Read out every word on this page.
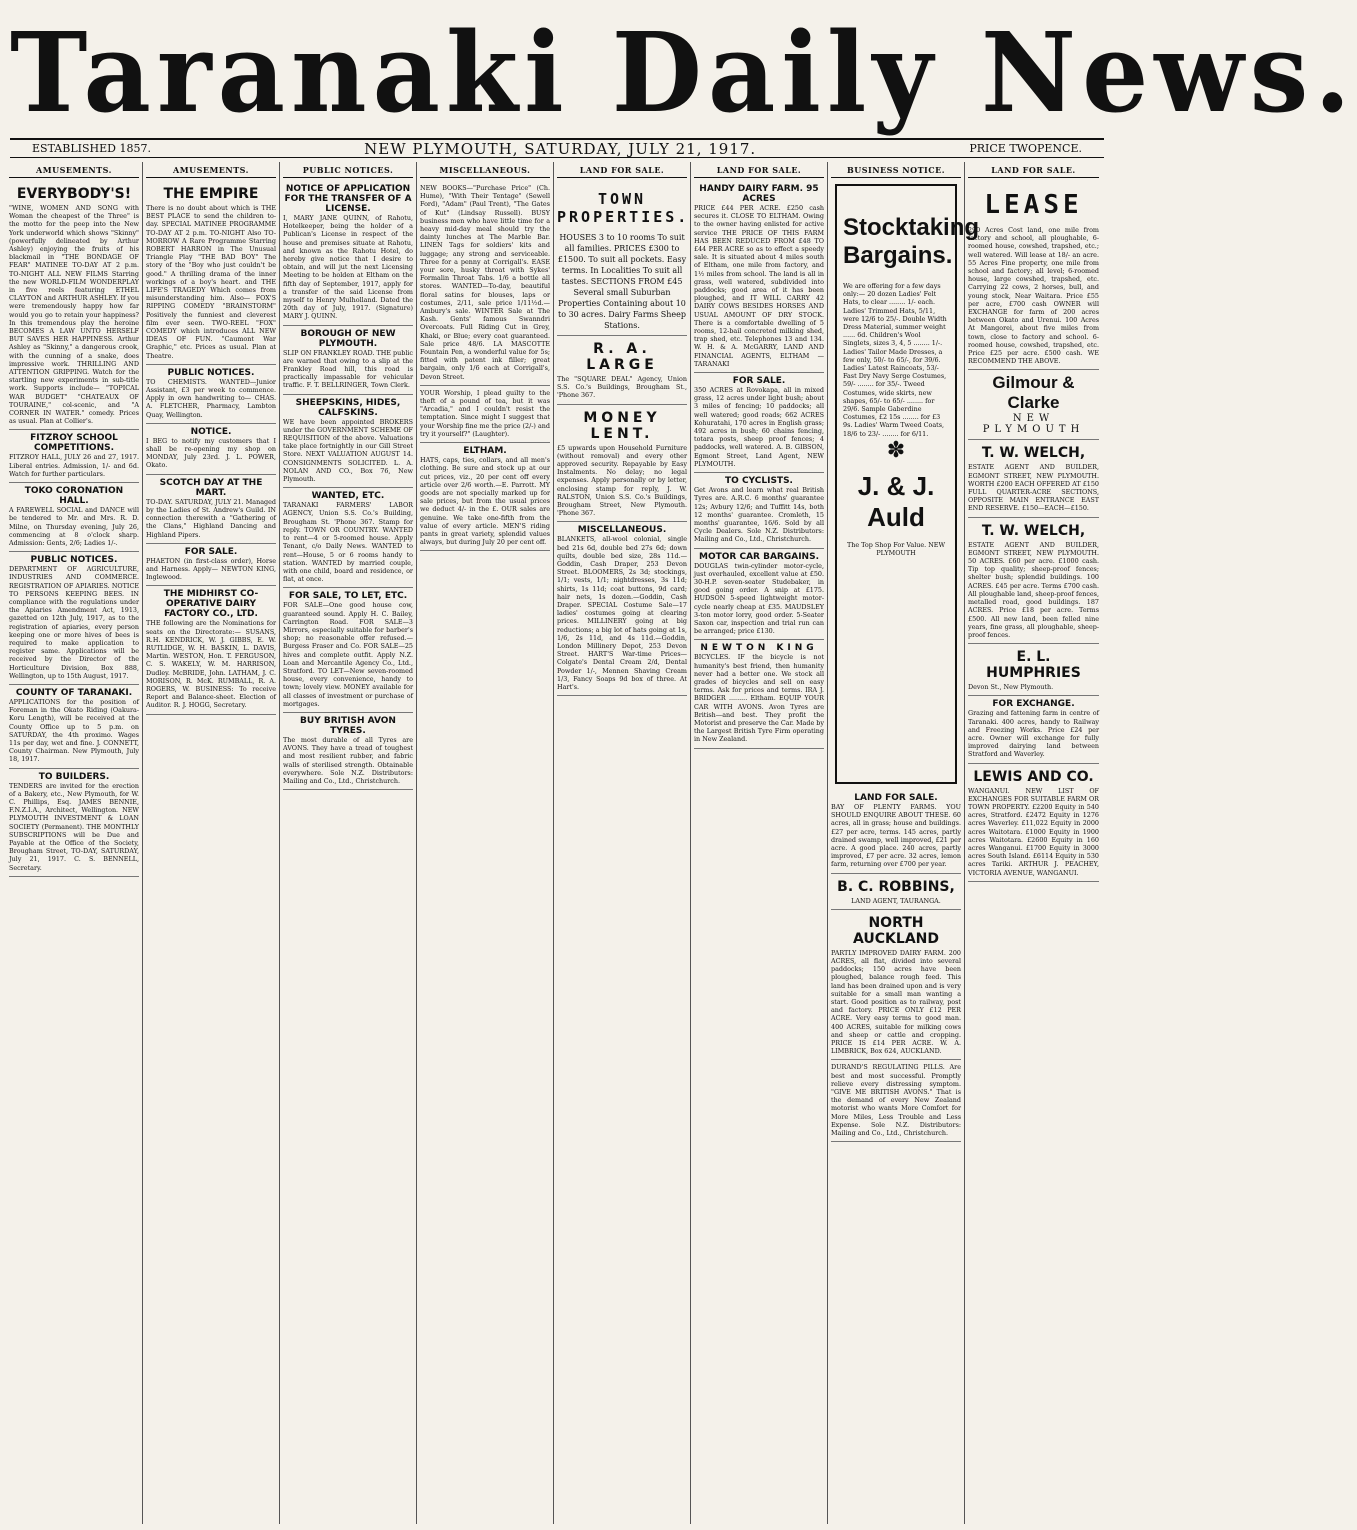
Taranaki Daily News.
ESTABLISHED 1857.	NEW PLYMOUTH, SATURDAY, JULY 21, 1917.	PRICE TWOPENCE.
AMUSEMENTS.
EVERYBODY'S!
"WINE, WOMEN AND SONG with Woman the cheapest of the Three" is the motto for the peep into the New York underworld which shows "Skinny" (powerfully delineated by Arthur Ashley) enjoying the fruits of his blackmail in "THE BONDAGE OF FEAR" MATINEE TO-DAY AT 2 p.m. TO-NIGHT ALL NEW FILMS Starring the new WORLD-FILM WONDERPLAY in five reels featuring ETHEL CLAYTON and ARTHUR ASHLEY. If you were tremendously happy how far would you go to retain your happiness? In this tremendous play the heroine BECOMES A LAW UNTO HERSELF BUT SAVES HER HAPPINESS. Arthur Ashley as "Skinny," a dangerous crook, with the cunning of a snake, does impressive work. THRILLING AND ATTENTION GRIPPING. Watch for the startling new experiments in sub-title work. Supports include— "TOPICAL WAR BUDGET" "CHATEAUX OF TOURAINE," col-scenic, and "A CORNER IN WATER." comedy. Prices as usual. Plan at Collier's.
FITZROY SCHOOL COMPETITIONS.
FITZROY HALL, JULY 26 and 27, 1917. Liberal entries. Admission, 1/- and 6d. Watch for further particulars.
TOKO CORONATION HALL.
A FAREWELL SOCIAL and DANCE will be tendered to Mr. and Mrs. R. D. Milne, on Thursday evening, July 26, commencing at 8 o'clock sharp. Admission: Gents, 2/6; Ladies 1/-.
PUBLIC NOTICES.
DEPARTMENT OF AGRICULTURE, INDUSTRIES AND COMMERCE. REGISTRATION OF APIARIES. NOTICE TO PERSONS KEEPING BEES. IN compliance with the regulations under the Apiaries Amendment Act, 1913, gazetted on 12th July, 1917, as to the registration of apiaries, every person keeping one or more hives of bees is required to make application to register same. Applications will be received by the Director of the Horticulture Division, Box 888, Wellington, up to 15th August, 1917.
COUNTY OF TARANAKI.
APPLICATIONS for the position of Foreman in the Okato Riding (Oakura-Koru Length), will be received at the County Office up to 5 p.m. on SATURDAY, the 4th proximo. Wages 11s per day, wet and fine. J. CONNETT, County Chairman. New Plymouth, July 18, 1917.
TO BUILDERS.
TENDERS are invited for the erection of a Bakery, etc., New Plymouth, for W. C. Phillips, Esq. JAMES BENNIE, F.N.Z.I.A., Architect, Wellington. NEW PLYMOUTH INVESTMENT & LOAN SOCIETY (Permanent). THE MONTHLY SUBSCRIPTIONS will be Due and Payable at the Office of the Society, Brougham Street, TO-DAY, SATURDAY, July 21, 1917. C. S. BENNELL, Secretary.
AMUSEMENTS.
THE EMPIRE
There is no doubt about which is THE BEST PLACE to send the children to-day. SPECIAL MATINEE PROGRAMME TO-DAY AT 2 p.m. TO-NIGHT Also TO-MORROW A Rare Programme Starring ROBERT HARRON in The Unusual Triangle Play "THE BAD BOY" The story of the "Boy who just couldn't be good." A thrilling drama of the inner workings of a boy's heart. and THE LIFE'S TRAGEDY Which comes from misunderstanding him. Also— FOX'S RIPPING COMEDY "BRAINSTORM" Positively the funniest and cleverest film ever seen. TWO-REEL "FOX" COMEDY which introduces ALL NEW IDEAS OF FUN. "Caumont War Graphic," etc. Prices as usual. Plan at Theatre.
PUBLIC NOTICES.
TO CHEMISTS. WANTED—Junior Assistant, £3 per week to commence. Apply in own handwriting to— CHAS. A. FLETCHER, Pharmacy, Lambton Quay, Wellington.
NOTICE.
I BEG to notify my customers that I shall be re-opening my shop on MONDAY, July 23rd. J. L. POWER, Okato.
SCOTCH DAY AT THE MART.
TO-DAY. SATURDAY, JULY 21. Managed by the Ladies of St. Andrew's Guild. IN connection therewith a "Gathering of the Clans," Highland Dancing and Highland Pipers.
FOR SALE.
PHAETON (in first-class order), Horse and Harness. Apply— NEWTON KING, Inglewood.
THE MIDHIRST CO-OPERATIVE DAIRY FACTORY CO., LTD.
THE following are the Nominations for seats on the Directorate:— SUSANS, R.H. KENDRICK, W. J. GIBBS, E. W. RUTLIDGE, W. H. BASKIN, L. DAVIS, Martin. WESTON, Hon. T. FERGUSON, C. S. WAKELY, W. M. HARRISON, Dudley. McBRIDE, John. LATHAM, J. C. MORISON, R. McK. RUMBALL, R. A. ROGERS, W. BUSINESS: To receive Report and Balance-sheet. Election of Auditor. R. J. HOGG, Secretary.
PUBLIC NOTICES.
NOTICE OF APPLICATION FOR THE TRANSFER OF A LICENSE.
I, MARY JANE QUINN, of Rahotu, Hotelkeeper, being the holder of a Publican's License in respect of the house and premises situate at Rahotu, and known as the Rahotu Hotel, do hereby give notice that I desire to obtain, and will jut the next Licensing Meeting to be holden at Eltham on the fifth day of September, 1917, apply for a transfer of the said License from myself to Henry Mulholland. Dated the 20th day of July, 1917. (Signature) MARY J. QUINN.
BOROUGH OF NEW PLYMOUTH.
SLIP ON FRANKLEY ROAD. THE public are warned that owing to a slip at the Frankley Road hill, this road is practically impassable for vehicular traffic. F. T. BELLRINGER, Town Clerk.
SHEEPSKINS, HIDES, CALFSKINS.
WE have been appointed BROKERS under the GOVERNMENT SCHEME OF REQUISITION of the above. Valuations take place fortnightly in our Gill Street Store. NEXT VALUATION AUGUST 14. CONSIGNMENTS SOLICITED. L. A. NOLAN AND CO., Box 76, New Plymouth.
WANTED, ETC.
TARANAKI FARMERS' LABOR AGENCY, Union S.S. Co.'s Building, Brougham St. 'Phone 367. Stamp for reply. TOWN OR COUNTRY. WANTED to rent—4 or 5-roomed house. Apply Tenant, c/o Daily News. WANTED to rent—House, 5 or 6 rooms handy to station. WANTED by married couple, with one child, board and residence, or flat, at once.
FOR SALE, TO LET, ETC.
FOR SALE—One good house cow, guaranteed sound. Apply H. C. Bailey, Carrington Road. FOR SALE—3 Mirrors, especially suitable for barber's shop; no reasonable offer refused.—Burgess Fraser and Co. FOR SALE—25 hives and complete outfit. Apply N.Z. Loan and Mercantile Agency Co., Ltd., Stratford. TO LET—New seven-roomed house, every convenience, handy to town; lovely view. MONEY available for all classes of investment or purchase of mortgages.
BUY BRITISH AVON TYRES.
The most durable of all Tyres are AVONS. They have a tread of toughest and most resilient rubber, and fabric walls of sterilised strength. Obtainable everywhere. Sole N.Z. Distributors: Mailing and Co., Ltd., Christchurch.
MISCELLANEOUS.
NEW BOOKS—"Purchase Price" (Ch. Hume), "With Their Tentage" (Sewell Ford), "Adam" (Paul Trent), "The Gates of Kut" (Lindsay Russell). BUSY business men who have little time for a heavy mid-day meal should try the dainty lunches at The Marble Bar. LINEN Tags for soldiers' kits and luggage; any strong and serviceable. Three for a penny at Corrigall's. EASE your sore, husky throat with Sykes' Formalin Throat Tabs. 1/6 a bottle all stores. WANTED—To-day, beautiful floral satins for blouses, laps or costumes, 2/11, sale price 1/11½d.—Ambury's sale. WINTER Sale at The Kash. Gents' famous Swanndri Overcoats. Full Riding Cut in Grey, Khaki, or Blue; every coat guaranteed. Sale price 48/6. LA MASCOTTE Fountain Pen, a wonderful value for 5s; fitted with patent ink filler; great bargain, only 1/6 each at Corrigall's, Devon Street.
YOUR Worship, I plead guilty to the theft of a pound of tea, but it was "Arcadia," and I couldn't resist the temptation. Since might I suggest that your Worship fine me the price (2/-) and try it yourself?" (Laughter).
ELTHAM.
HATS, caps, ties, collars, and all men's clothing. Be sure and stock up at our cut prices, viz., 20 per cent off every article over 2/6 worth.—E. Parrott. MY goods are not specially marked up for sale prices, but from the usual prices we deduct 4/- in the £. OUR sales are genuine. We take one-fifth from the value of every article. MEN'S riding pants in great variety, splendid values always, but during July 20 per cent off.
LAND FOR SALE.
TOWN PROPERTIES.
HOUSES 3 to 10 rooms To suit all families. PRICES £300 to £1500. To suit all pockets. Easy terms. In Localities To suit all tastes. SECTIONS FROM £45 Several small Suburban Properties Containing about 10 to 30 acres. Dairy Farms Sheep Stations.
R. A. LARGE
The "SQUARE DEAL" Agency, Union S.S. Co.'s Buildings, Brougham St., 'Phone 367.
MONEY LENT.
£5 upwards upon Household Furniture (without removal) and every other approved security. Repayable by Easy Instalments. No delay; no legal expenses. Apply personally or by letter, enclosing stamp for reply, J. W. RALSTON, Union S.S. Co.'s Buildings, Brougham Street, New Plymouth. 'Phone 367.
MISCELLANEOUS.
BLANKETS, all-wool colonial, single bed 21s 6d, double bed 27s 6d; down quilts, double bed size, 28s 11d.—Goddin, Cash Draper, 253 Devon Street. BLOOMERS, 2s 3d; stockings, 1/1; vests, 1/1; nightdresses, 3s 11d; shirts, 1s 11d; coat buttons, 9d card; hair nets, 1s dozen.—Goddin, Cash Draper. SPECIAL Costume Sale—17 ladies' costumes going at clearing prices. MILLINERY going at big reductions; a big lot of hats going at 1s, 1/6, 2s 11d, and 4s 11d.—Goddin, London Millinery Depot, 253 Devon Street. HART'S War-time Prices—Colgate's Dental Cream 2/d, Dental Powder 1/-, Mennen Shaving Cream 1/3, Fancy Soaps 9d box of three. At Hart's.
LAND FOR SALE.
HANDY DAIRY FARM. 95 ACRES
PRICE £44 PER ACRE. £250 cash secures it. CLOSE TO ELTHAM. Owing to the owner having enlisted for active service THE PRICE OF THIS FARM HAS BEEN REDUCED FROM £48 TO £44 PER ACRE so as to effect a speedy sale. It is situated about 4 miles south of Eltham, one mile from factory, and 1½ miles from school. The land is all in grass, well watered, subdivided into paddocks; good area of it has been ploughed, and IT WILL CARRY 42 DAIRY COWS BESIDES HORSES AND USUAL AMOUNT OF DRY STOCK. There is a comfortable dwelling of 5 rooms, 12-bail concreted milking shed, trap shed, etc. Telephones 13 and 134. W. H. & A. McGARRY, LAND AND FINANCIAL AGENTS, ELTHAM — TARANAKI
FOR SALE.
350 ACRES at Rovokapa, all in mixed grass, 12 acres under light bush; about 3 miles of fencing; 10 paddocks; all well watered; good roads; 662 ACRES Kohuratahi, 170 acres in English grass; 492 acres in bush; 60 chains fencing, totara posts, sheep proof fences; 4 paddocks, well watered. A. B. GIBSON, Egmont Street, Land Agent, NEW PLYMOUTH.
TO CYCLISTS.
Get Avons and learn what real British Tyres are. A.R.C. 6 months' guarantee 12s; Avbury 12/6; and Tuffitt 14s, both 12 months' guarantee. Cromleth, 15 months' guarantee, 16/6. Sold by all Cycle Dealers. Sole N.Z. Distributors: Mailing and Co., Ltd., Christchurch.
MOTOR CAR BARGAINS.
DOUGLAS twin-cylinder motor-cycle, just overhauled, excellent value at £50. 30-H.P. seven-seater Studebaker, in good going order. A snip at £175. HUDSON 5-speed lightweight motor-cycle nearly cheap at £35. MAUDSLEY 3-ton motor lorry, good order. 5-Seater Saxon car, inspection and trial run can be arranged; price £130.
NEWTON KING
BICYCLES. IF the bicycle is not humanity's best friend, then humanity never had a better one. We stock all grades of bicycles and sell on easy terms. Ask for prices and terms. IRA J. BRIDGER ......... Eltham. EQUIP YOUR CAR WITH AVONS. Avon Tyres are British—and best. They profit the Motorist and preserve the Car. Made by the Largest British Tyre Firm operating in New Zealand.
BUSINESS NOTICE.
Stocktaking Bargains.
We are offering for a few days only:— 20 dozen Ladies' Felt Hats, to clear ........ 1/- each. Ladies' Trimmed Hats, 5/11, were 12/6 to 25/-. Double Width Dress Material, summer weight ...... 6d. Children's Wool Singlets, sizes 3, 4, 5 ........ 1/-. Ladies' Tailor Made Dresses, a few only, 50/- to 65/-, for 39/6. Ladies' Latest Raincoats, 53/- Fast Dry Navy Serge Costumes, 59/- ........ for 35/-. Tweed Costumes, wide skirts, new shapes, 65/- to 65/- ........ for 29/6. Sample Gaberdine Costumes, £2 15s ........ for £3 9s. Ladies' Warm Tweed Coats, 18/6 to 23/- ........ for 6/11.
✽
J. & J. Auld
The Top Shop For Value. NEW PLYMOUTH
LAND FOR SALE.
BAY OF PLENTY FARMS. YOU SHOULD ENQUIRE ABOUT THESE. 60 acres, all in grass; house and buildings. £27 per acre, terms. 145 acres, partly drained swamp, well improved, £21 per acre. A good place. 240 acres, partly improved, £7 per acre. 32 acres, lemon farm, returning over £700 per year.
B. C. ROBBINS,
LAND AGENT, TAURANGA.
NORTH AUCKLAND
PARTLY IMPROVED DAIRY FARM. 200 ACRES, all flat, divided into several paddocks; 150 acres have been ploughed, balance rough feed. This land has been drained upon and is very suitable for a small man wanting a start. Good position as to railway, post and factory. PRICE ONLY £12 PER ACRE. Very easy terms to good man. 400 ACRES, suitable for milking cows and sheep or cattle and cropping. PRICE IS £14 PER ACRE. W. A. LIMBRICK, Box 624, AUCKLAND.
DURAND'S REGULATING PILLS. Are best and most successful. Promptly relieve every distressing symptom. "GIVE ME BRITISH AVONS." That is the demand of every New Zealand motorist who wants More Comfort for More Miles, Less Trouble and Less Expense. Sole N.Z. Distributors: Mailing and Co., Ltd., Christchurch.
LAND FOR SALE.
LEASE
290 Acres Cost land, one mile from factory and school, all ploughable, 6-roomed house, cowshed, trapshed, etc.; well watered. Will lease at 18/- an acre. 55 Acres Fine property, one mile from school and factory; all level; 6-roomed house, large cowshed, trapshed, etc. Carrying 22 cows, 2 horses, bull, and young stock, Near Waitara. Price £55 per acre, £700 cash OWNER will EXCHANGE for farm of 200 acres between Okato and Urenui. 100 Acres At Mangorei, about five miles from town, close to factory and school. 6-roomed house, cowshed, trapshed, etc. Price £25 per acre. £500 cash. WE RECOMMEND THE ABOVE.
Gilmour & Clarke
NEW PLYMOUTH
T. W. WELCH,
ESTATE AGENT AND BUILDER, EGMONT STREET, NEW PLYMOUTH. WORTH £200 EACH OFFERED AT £150 FULL QUARTER-ACRE SECTIONS, OPPOSITE MAIN ENTRANCE EAST END RESERVE. £150—EACH—£150.
T. W. WELCH,
ESTATE AGENT AND BUILDER, EGMONT STREET, NEW PLYMOUTH. 50 ACRES. £60 per acre. £1000 cash. Tip top quality; sheep-proof fences; shelter bush; splendid buildings. 100 ACRES. £45 per acre. Terms £700 cash. All ploughable land, sheep-proof fences, metalled road, good buildings. 187 ACRES. Price £18 per acre. Terms £500. All new land, been felled nine years, fine grass, all ploughable, sheep-proof fences.
E. L. HUMPHRIES
Devon St., New Plymouth.
FOR EXCHANGE.
Grazing and fattening farm in centre of Taranaki. 400 acres, handy to Railway and Freezing Works. Price £24 per acre. Owner will exchange for fully improved dairying land between Stratford and Waverley.
LEWIS AND CO.
WANGANUI. NEW LIST OF EXCHANGES FOR SUITABLE FARM OR TOWN PROPERTY. £2200 Equity in 540 acres, Stratford. £2472 Equity in 1276 acres Waverley. £11,022 Equity in 2000 acres Waitotara. £1000 Equity in 1900 acres Waitotara. £2600 Equity in 160 acres Wanganui. £1700 Equity in 3000 acres South Island. £6114 Equity in 530 acres Tariki. ARTHUR J. PEACHEY, VICTORIA AVENUE, WANGANUI.
